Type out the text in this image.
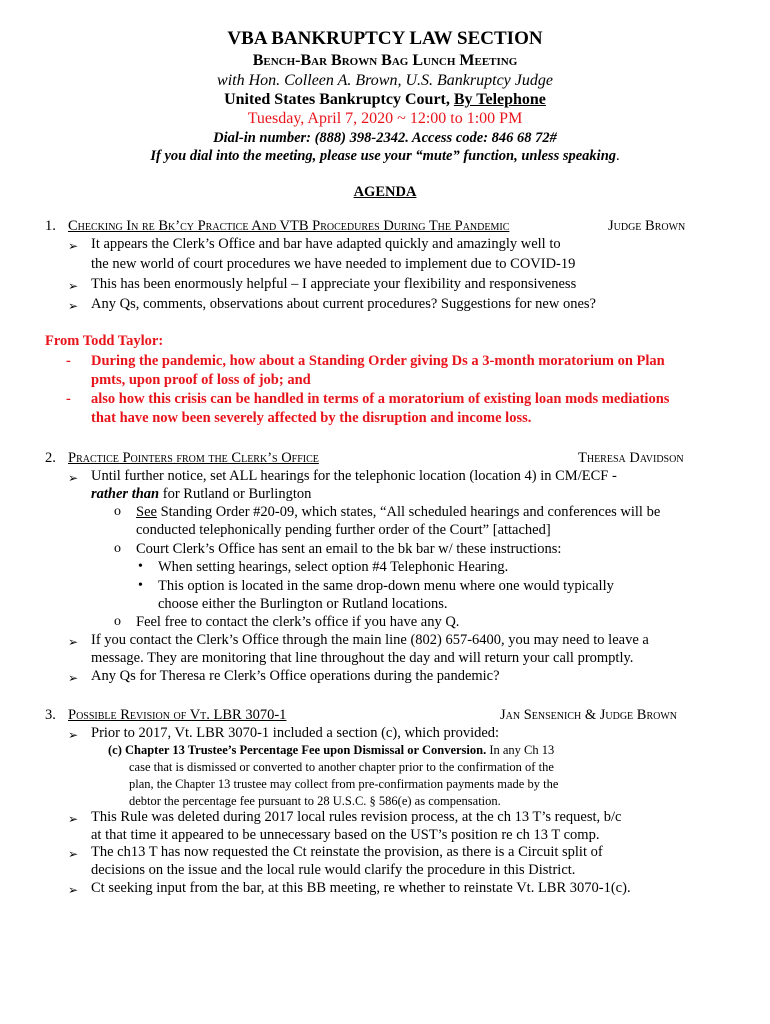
VBA BANKRUPTCY LAW SECTION
Bench-Bar Brown Bag Lunch Meeting
with Hon. Colleen A. Brown, U.S. Bankruptcy Judge
United States Bankruptcy Court, By Telephone
Tuesday, April 7, 2020 ~ 12:00 to 1:00 PM
Dial-in number: (888) 398-2342. Access code: 846 68 72#
If you dial into the meeting, please use your “mute” function, unless speaking.
AGENDA
1. Checking In re Bk’cy Practice And VTB Procedures During The Pandemic	Judge Brown
➢ It appears the Clerk’s Office and bar have adapted quickly and amazingly well to
the new world of court procedures we have needed to implement due to COVID-19
➢ This has been enormously helpful – I appreciate your flexibility and responsiveness
➢ Any Qs, comments, observations about current procedures? Suggestions for new ones?
From Todd Taylor:
- During the pandemic, how about a Standing Order giving Ds a 3-month moratorium on Plan
pmts, upon proof of loss of job; and
- also how this crisis can be handled in terms of a moratorium of existing loan mods mediations
that have now been severely affected by the disruption and income loss.
2. Practice Pointers from the Clerk’s Office	Theresa Davidson
➢ Until further notice, set ALL hearings for the telephonic location (location 4) in CM/ECF -
rather than for Rutland or Burlington
o See Standing Order #20-09, which states, “All scheduled hearings and conferences will be
conducted telephonically pending further order of the Court” [attached]
o Court Clerk’s Office has sent an email to the bk bar w/ these instructions:
• When setting hearings, select option #4 Telephonic Hearing.
• This option is located in the same drop-down menu where one would typically
choose either the Burlington or Rutland locations.
o Feel free to contact the clerk’s office if you have any Q.
➢ If you contact the Clerk’s Office through the main line (802) 657-6400, you may need to leave a
message. They are monitoring that line throughout the day and will return your call promptly.
➢ Any Qs for Theresa re Clerk’s Office operations during the pandemic?
3. Possible Revision of Vt. LBR 3070-1	Jan Sensenich & Judge Brown
➢ Prior to 2017, Vt. LBR 3070-1 included a section (c), which provided:
(c) Chapter 13 Trustee’s Percentage Fee upon Dismissal or Conversion. In any Ch 13
case that is dismissed or converted to another chapter prior to the confirmation of the
plan, the Chapter 13 trustee may collect from pre-confirmation payments made by the
debtor the percentage fee pursuant to 28 U.S.C. § 586(e) as compensation.
➢ This Rule was deleted during 2017 local rules revision process, at the ch 13 T’s request, b/c
at that time it appeared to be unnecessary based on the UST’s position re ch 13 T comp.
➢ The ch13 T has now requested the Ct reinstate the provision, as there is a Circuit split of
decisions on the issue and the local rule would clarify the procedure in this District.
➢ Ct seeking input from the bar, at this BB meeting, re whether to reinstate Vt. LBR 3070-1(c).
